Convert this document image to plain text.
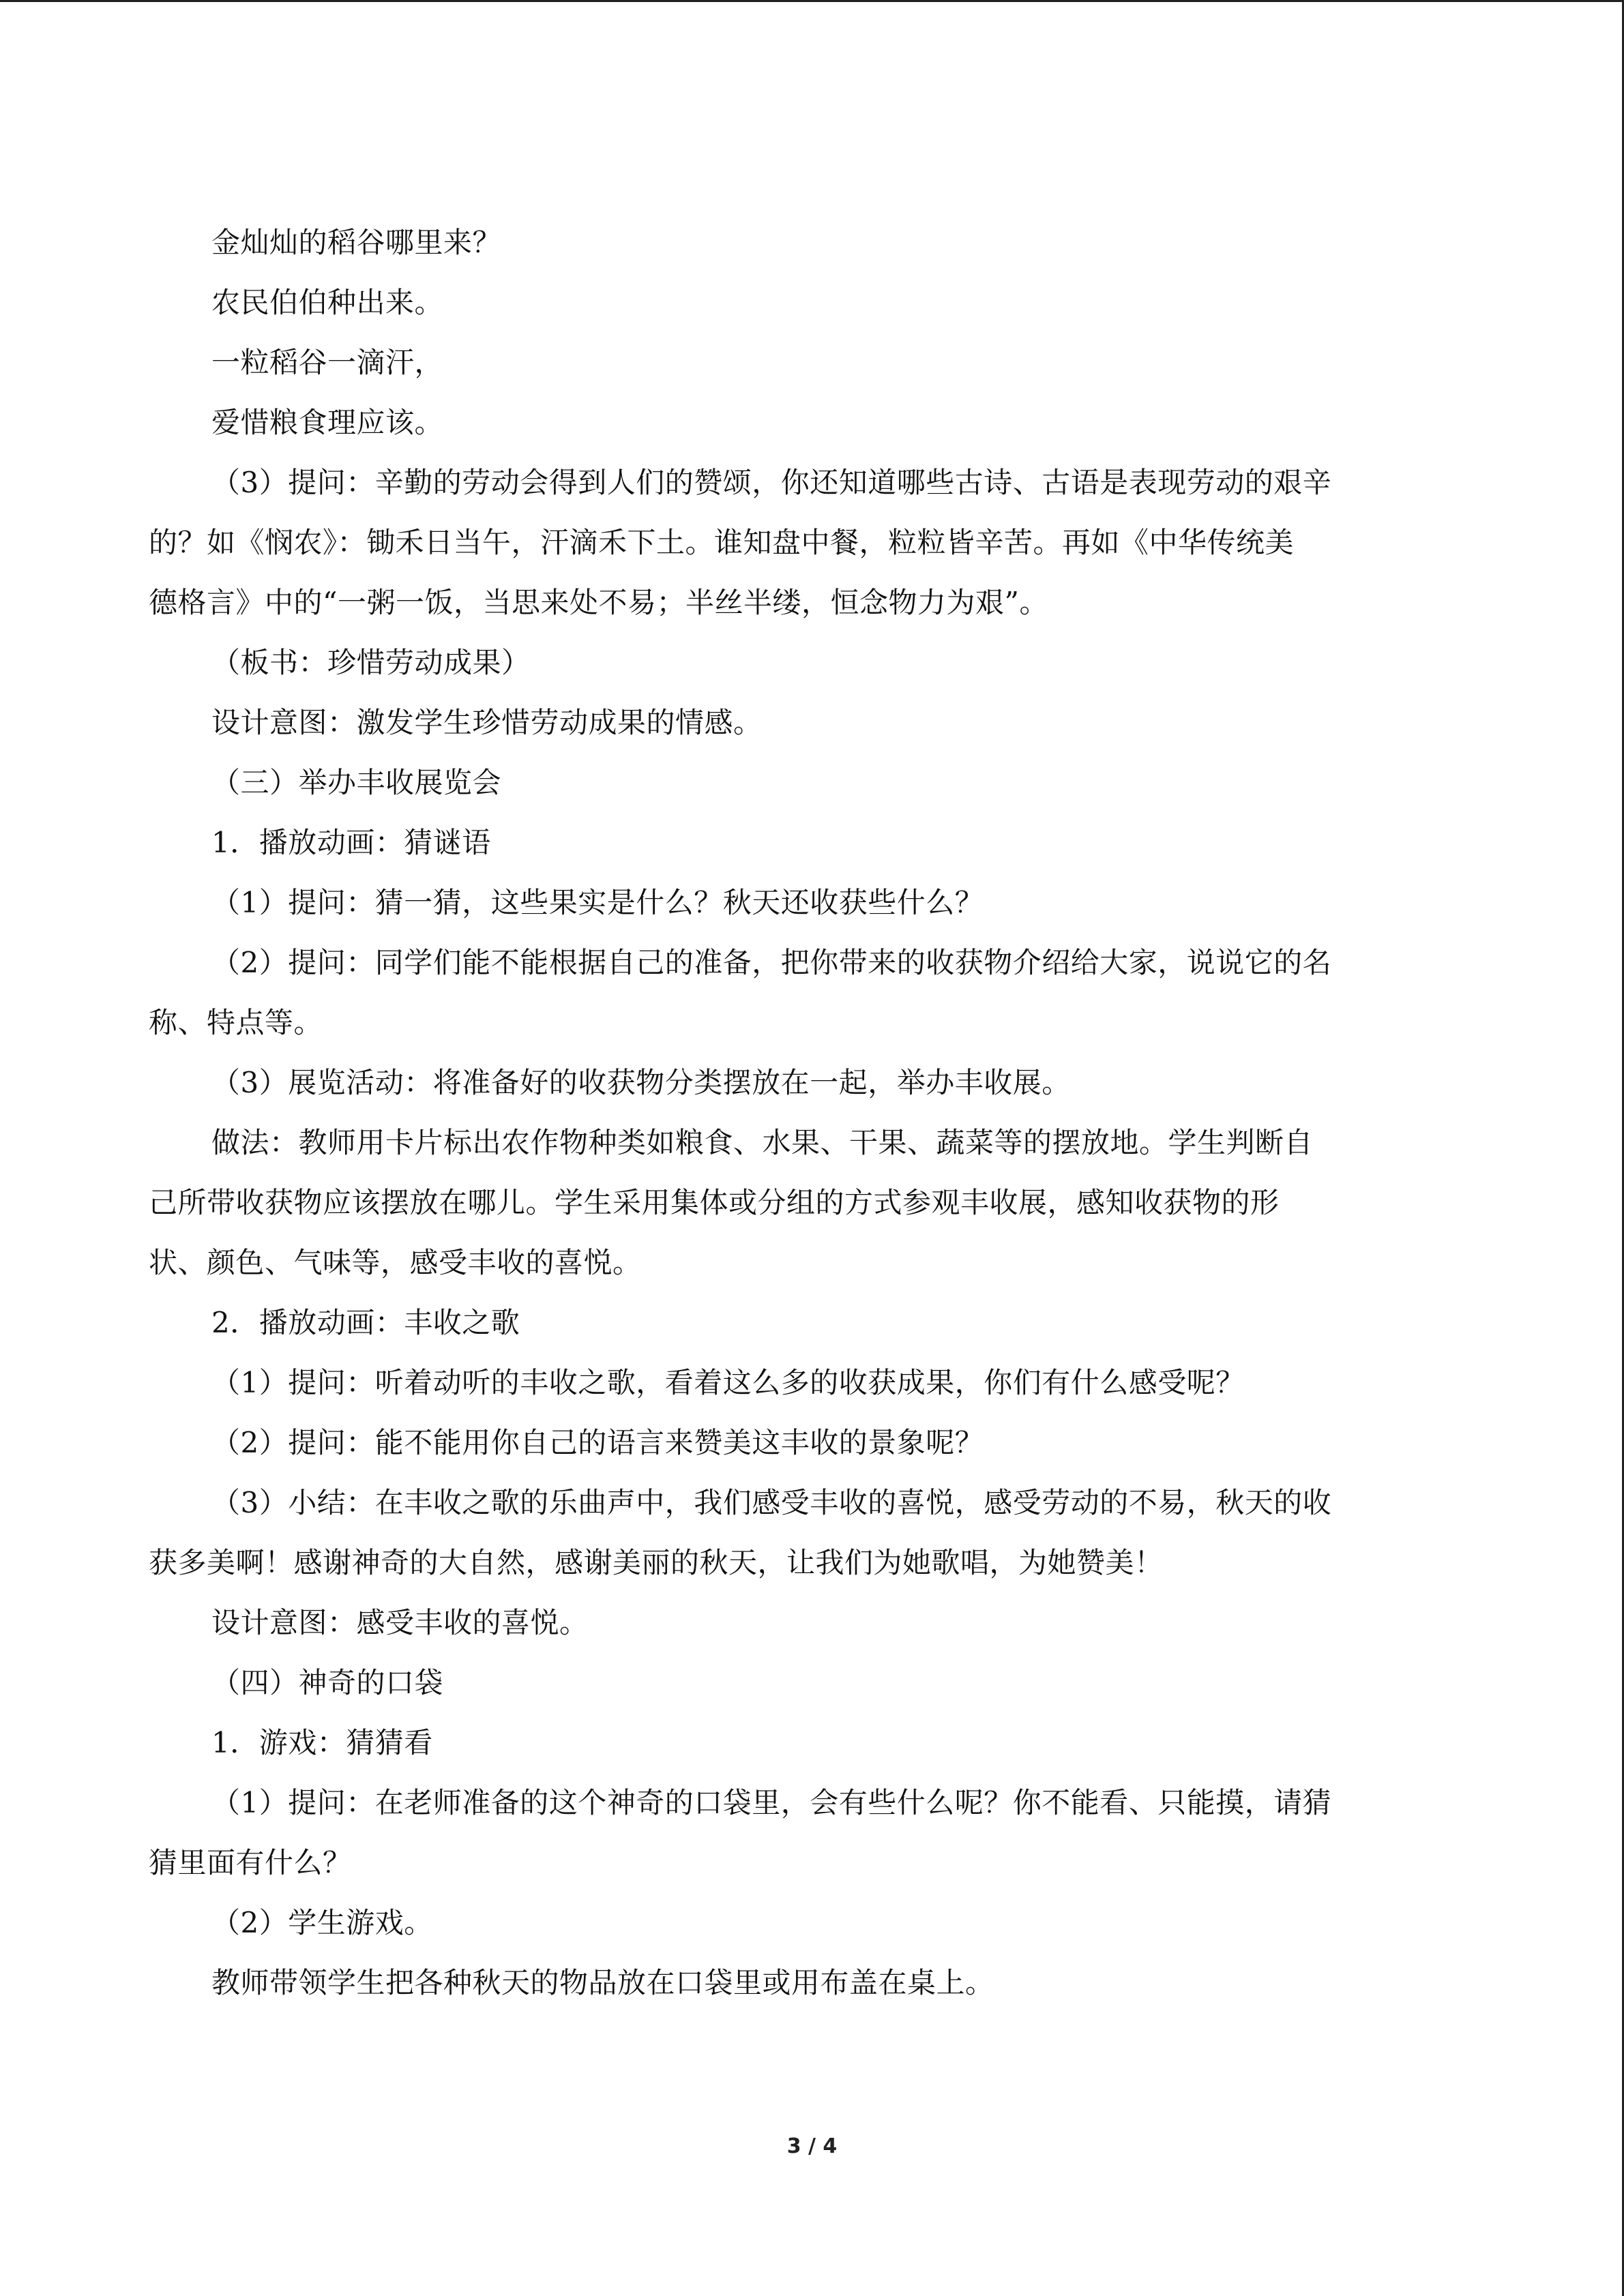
金灿灿的稻谷哪里来？
农民伯伯种出来。
一粒稻谷一滴汗，
爱惜粮食理应该。
（3）提问：辛勤的劳动会得到人们的赞颂，你还知道哪些古诗、古语是表现劳动的艰辛
的？如《悯农》：锄禾日当午，汗滴禾下土。谁知盘中餐，粒粒皆辛苦。再如《中华传统美
德格言》中的“一粥一饭，当思来处不易；半丝半缕，恒念物力为艰”。
（板书：珍惜劳动成果）
设计意图：激发学生珍惜劳动成果的情感。
（三）举办丰收展览会
1．播放动画：猜谜语
（1）提问：猜一猜，这些果实是什么？秋天还收获些什么？
（2）提问：同学们能不能根据自己的准备，把你带来的收获物介绍给大家，说说它的名
称、特点等。
（3）展览活动：将准备好的收获物分类摆放在一起，举办丰收展。
做法：教师用卡片标出农作物种类如粮食、水果、干果、蔬菜等的摆放地。学生判断自
己所带收获物应该摆放在哪儿。学生采用集体或分组的方式参观丰收展，感知收获物的形
状、颜色、气味等，感受丰收的喜悦。
2．播放动画：丰收之歌
（1）提问：听着动听的丰收之歌，看着这么多的收获成果，你们有什么感受呢？
（2）提问：能不能用你自己的语言来赞美这丰收的景象呢？
（3）小结：在丰收之歌的乐曲声中，我们感受丰收的喜悦，感受劳动的不易，秋天的收
获多美啊！感谢神奇的大自然，感谢美丽的秋天，让我们为她歌唱，为她赞美！
设计意图：感受丰收的喜悦。
（四）神奇的口袋
1．游戏：猜猜看
（1）提问：在老师准备的这个神奇的口袋里，会有些什么呢？你不能看、只能摸，请猜
猜里面有什么？
（2）学生游戏。
教师带领学生把各种秋天的物品放在口袋里或用布盖在桌上。
3 / 4
